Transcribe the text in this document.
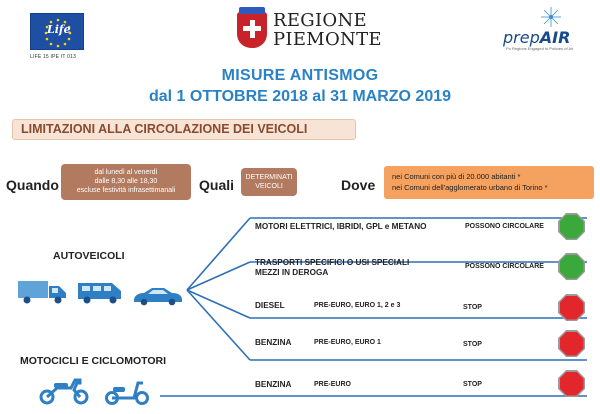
Life
LIFE 15 IPE IT 013
REGIONE
PIEMONTE	prepAIR
Po Regions Engaged to Policies of Air
MISURE ANTISMOG
dal 1 OTTOBRE 2018 al 31 MARZO 2019
LIMITAZIONI ALLA CIRCOLAZIONE DEI VEICOLI
Quando
dal lunedì al venerdì
dalle 8,30 alle 18,30
escluse festività infrasettimanali	Quali	DETERMINATI
VEICOLI	Dove
nei Comuni con più di 20.000 abitanti *
nei Comuni dell'agglomerato urbano di Torino *
AUTOVEICOLI
MOTOCICLI E CICLOMOTORI
MOTORI ELETTRICI, IBRIDI, GPL e METANO	POSSONO CIRCOLARE
TRASPORTI SPECIFICI O USI SPECIALI
MEZZI IN DEROGA
POSSONO CIRCOLARE
DIESEL	PRE-EURO, EURO 1, 2 e 3	STOP
BENZINA	PRE-EURO, EURO 1	STOP
BENZINA	PRE-EURO	STOP
